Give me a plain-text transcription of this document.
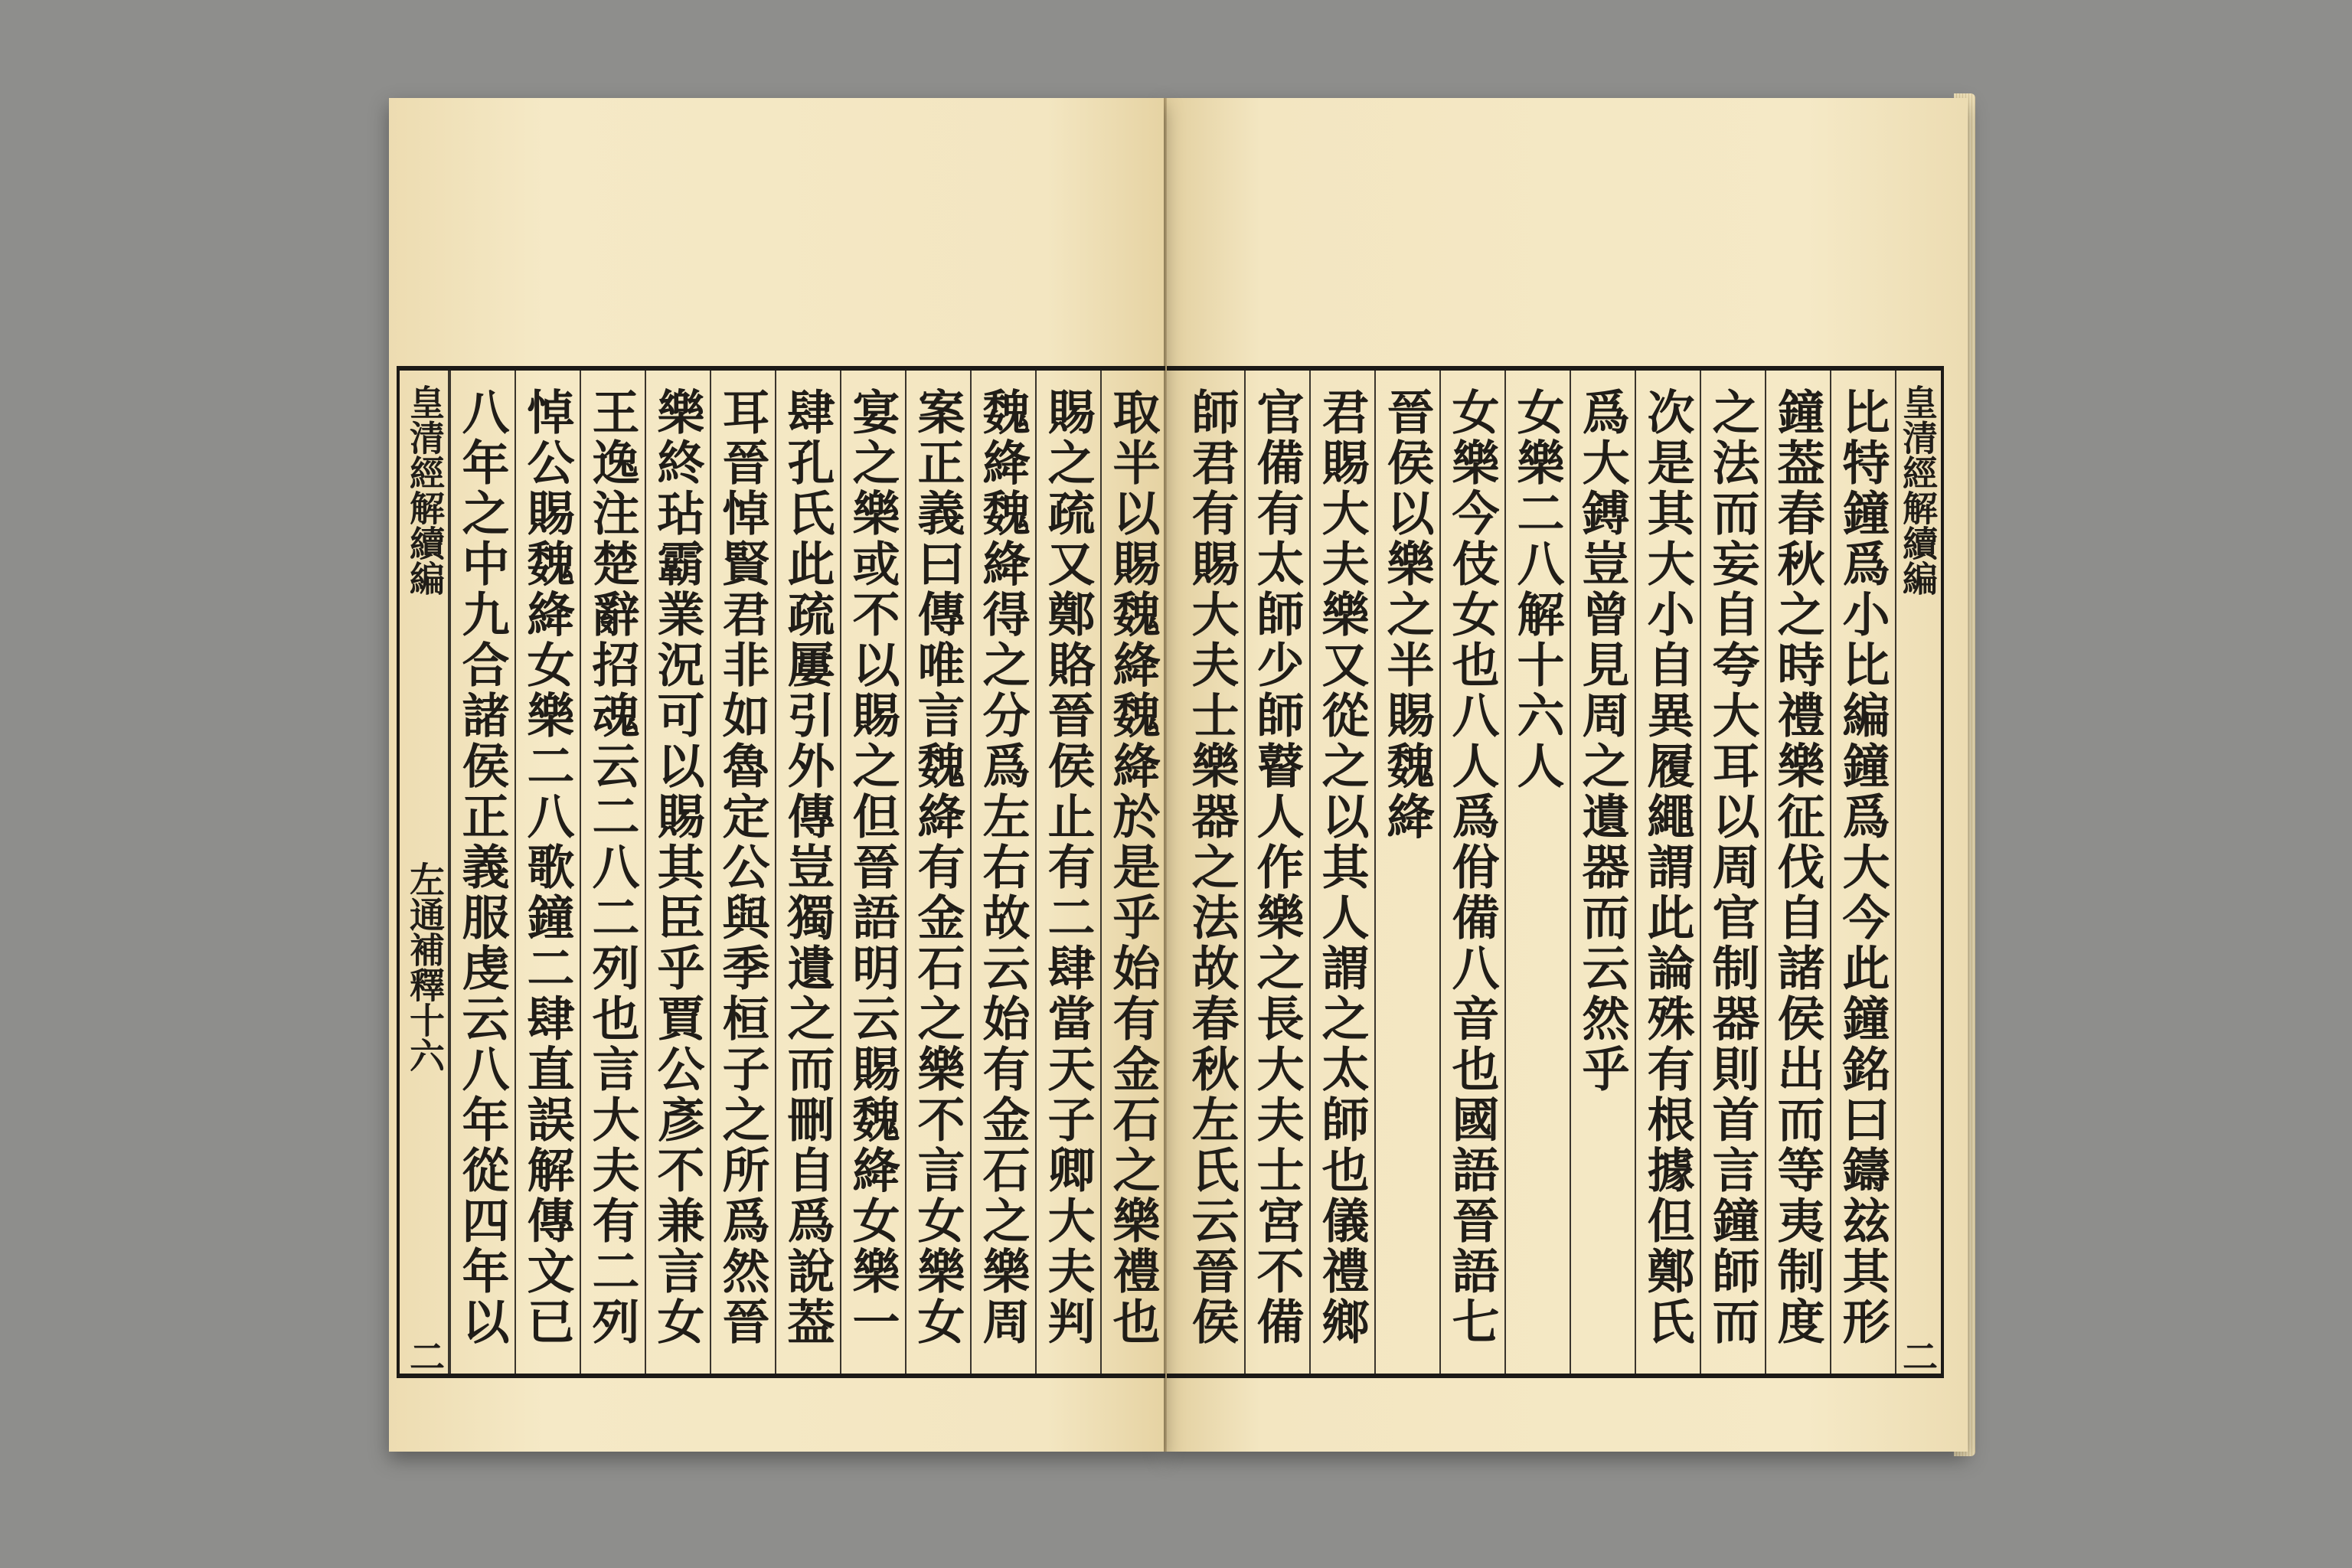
皇清經解續編
二
比特鐘爲小比編鐘爲大今此鐘銘曰鑄玆其形
鐘葢春秋之時禮樂征伐自諸侯出而等夷制度
之法而妄自夸大耳以周官制器則首言鐘師而
次是其大小自異履繩謂此論殊有根據但鄭氏
爲大鎛豈曾見周之遺器而云然乎
女樂二八解十六人
女樂今伎女也八人爲佾備八音也國語晉語七
晉侯以樂之半賜魏絳
君賜大夫樂又從之以其人謂之太師也儀禮鄉
官備有太師少師瞽人作樂之長大夫士宮不備
師君有賜大夫士樂器之法故春秋左氏云晉侯
取半以賜魏絳魏絳於是乎始有金石之樂禮也
賜之疏又鄭賂晉侯止有二肆當天子卿大夫判
魏絳魏絳得之分爲左右故云始有金石之樂周
案正義曰傳唯言魏絳有金石之樂不言女樂女
宴之樂或不以賜之但晉語明云賜魏絳女樂一
肆孔氏此疏屢引外傳豈獨遺之而刪自爲說葢
耳晉悼賢君非如魯定公與季桓子之所爲然晉
樂終玷霸業況可以賜其臣乎賈公彥不兼言女
王逸注楚辭招魂云二八二列也言大夫有二列
悼公賜魏絳女樂二八歌鐘二肆直誤解傳文已
八年之中九合諸侯正義服虔云八年從四年以
皇清經解續編
左通補釋十六
二
